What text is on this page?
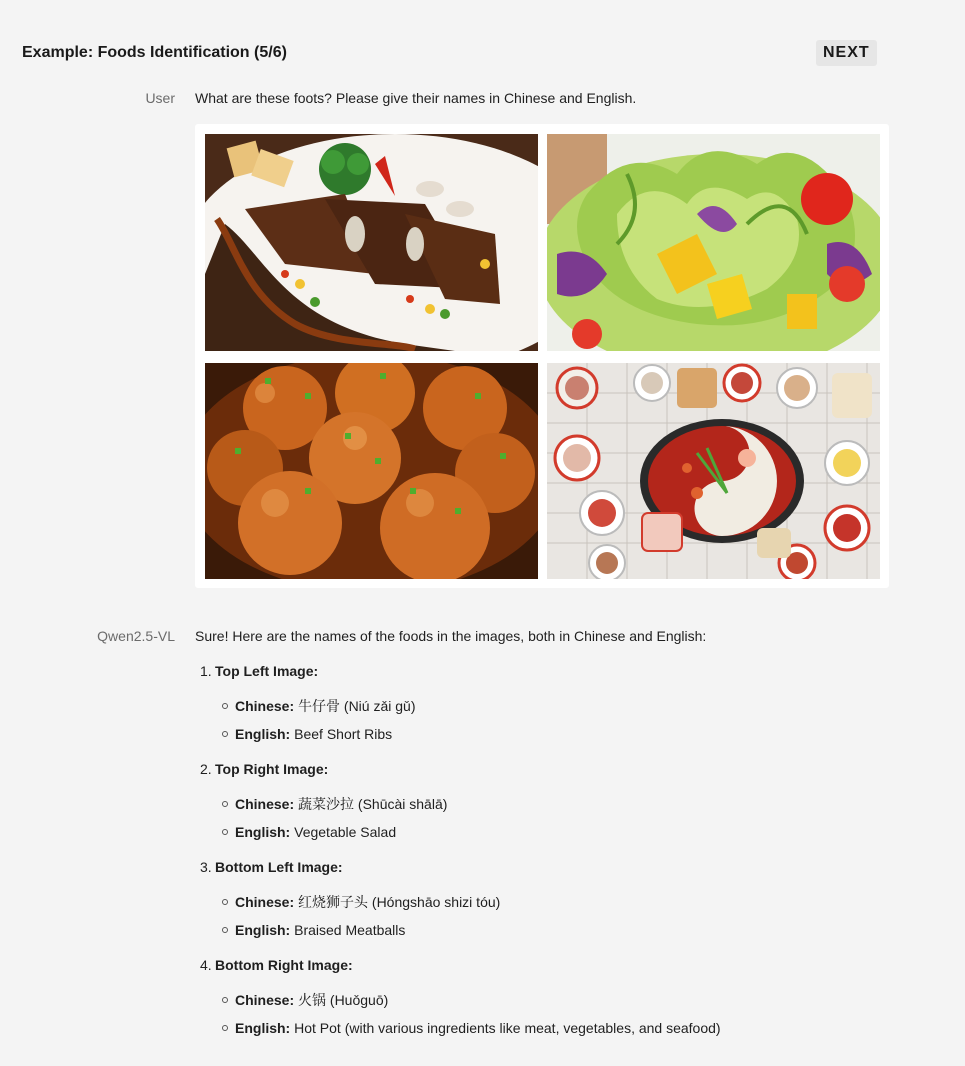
Example: Foods Identification (5/6)	NEXT
User What are these foots? Please give their names in Chinese and English.
Qwen2.5-VL Sure! Here are the names of the foods in the images, both in Chinese and English:

1. Top Left Image:
Chinese: 牛仔骨 (Niú zǎi gǔ)
English: Beef Short Ribs
2. Top Right Image:
Chinese: 蔬菜沙拉 (Shūcài shālā)
English: Vegetable Salad
3. Bottom Left Image:
Chinese: 红烧狮子头 (Hóngshāo shizi tóu)
English: Braised Meatballs
4. Bottom Right Image:
Chinese: 火锅 (Huǒguō)
English: Hot Pot (with various ingredients like meat, vegetables, and seafood)
